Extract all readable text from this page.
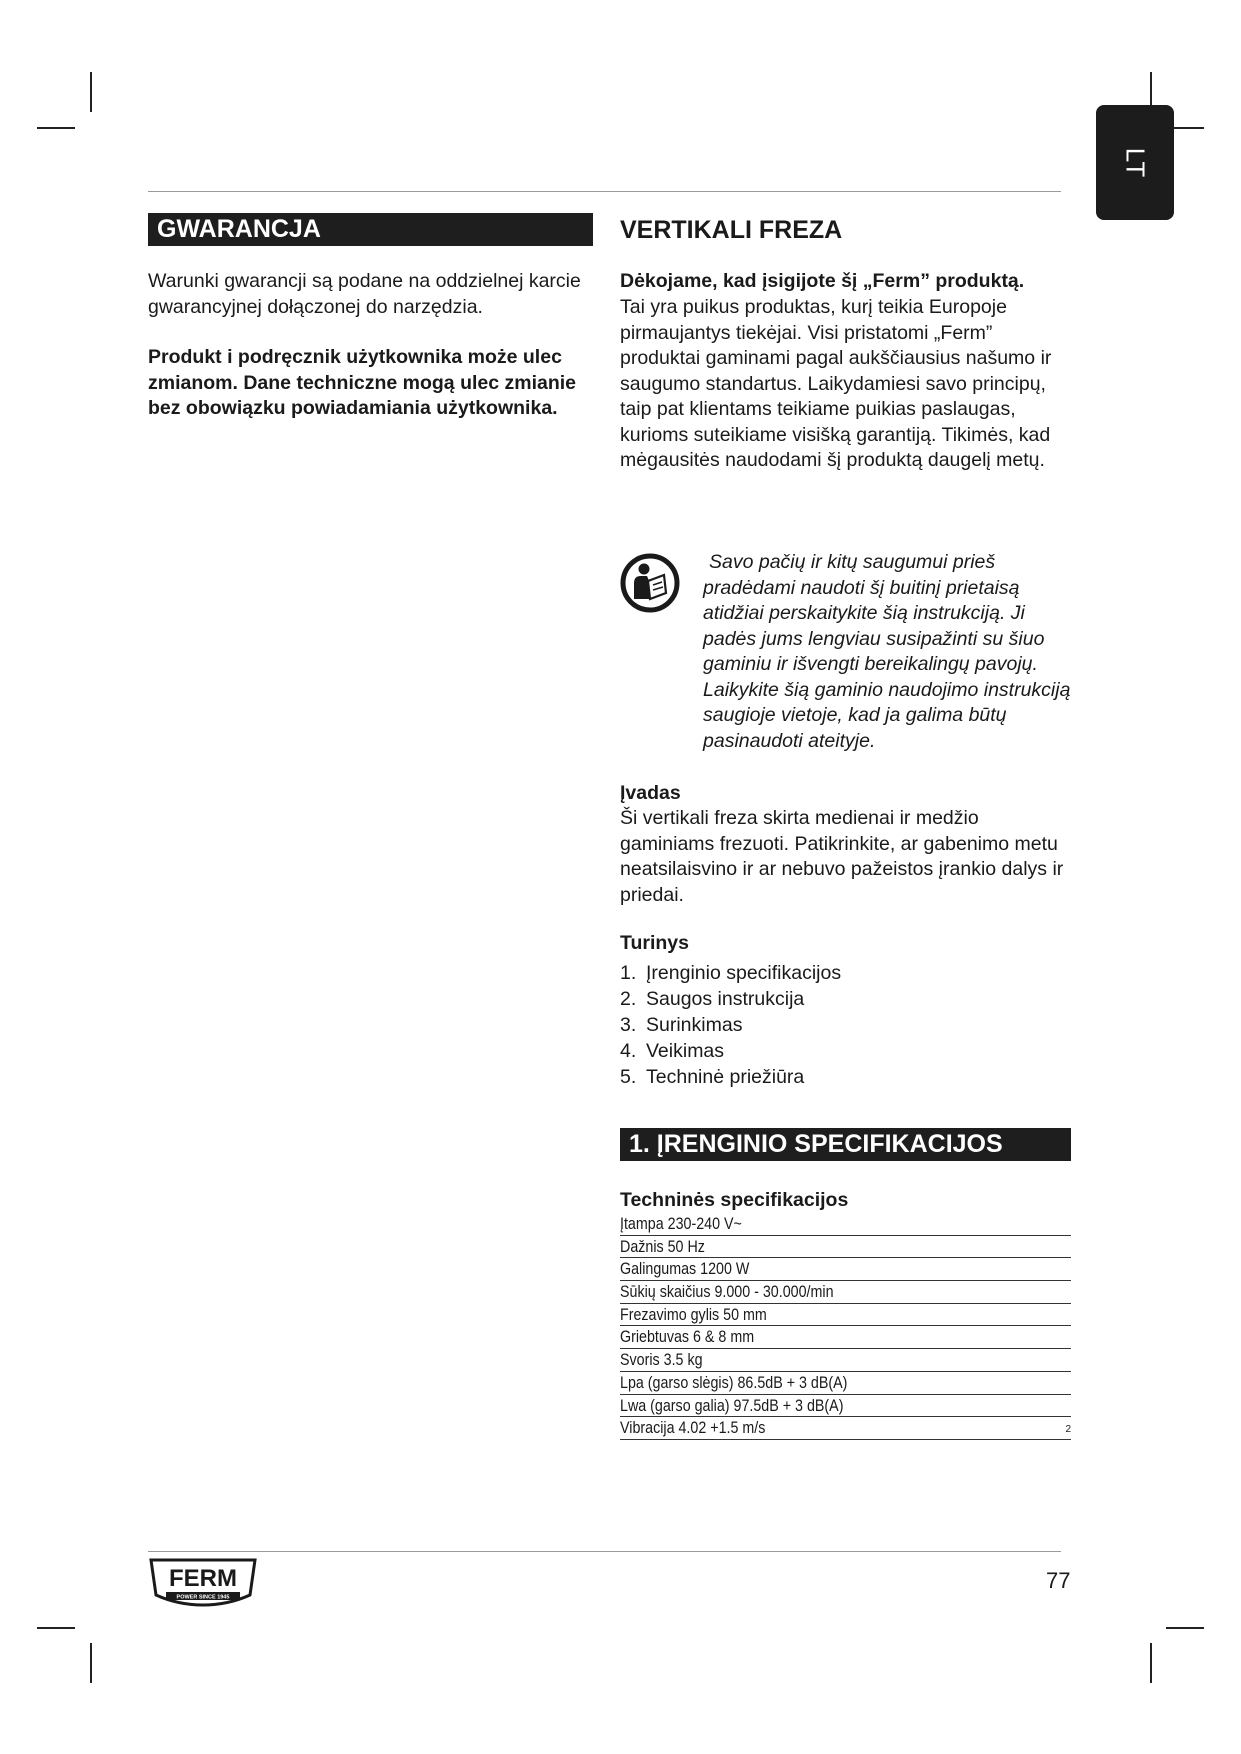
LT
GWARANCJA
Warunki gwarancji są podane na oddzielnej karcie gwarancyjnej dołączonej do narzędzia.
Produkt i podręcznik użytkownika może ulec zmianom. Dane techniczne mogą ulec zmianie bez obowiązku powiadamiania użytkownika.
VERTIKALI FREZA
Dėkojame, kad įsigijote šį „Ferm” produktą.
Tai yra puikus produktas, kurį teikia Europoje pirmaujantys tiekėjai. Visi pristatomi „Ferm” produktai gaminami pagal aukščiausius našumo ir saugumo standartus. Laikydamiesi savo principų, taip pat klientams teikiame puikias paslaugas, kurioms suteikiame visišką garantiją. Tikimės, kad mėgausitės naudodami šį produktą daugelį metų.
Savo pačių ir kitų saugumui prieš pradėdami naudoti šį buitinį prietaisą atidžiai perskaitykite šią instrukciją. Ji padės jums lengviau susipažinti su šiuo gaminiu ir išvengti bereikalingų pavojų. Laikykite šią gaminio naudojimo instrukciją saugioje vietoje, kad ja galima būtų pasinaudoti ateityje.
Įvadas
Ši vertikali freza skirta medienai ir medžio gaminiams frezuoti. Patikrinkite, ar gabenimo metu neatsilaisvino ir ar nebuvo pažeistos įrankio dalys ir priedai.
Turinys
1. Įrenginio specifikacijos
2. Saugos instrukcija
3. Surinkimas
4. Veikimas
5. Techninė priežiūra
1. ĮRENGINIO SPECIFIKACIJOS
Techninės specifikacijos
Įtampa 230-240 V~
Dažnis 50 Hz
Galingumas 1200 W
Sūkių skaičius 9.000 - 30.000/min
Frezavimo gylis 50 mm
Griebtuvas 6 & 8 mm
Svoris 3.5 kg
Lpa (garso slėgis) 86.5dB + 3 dB(A)
Lwa (garso galia) 97.5dB + 3 dB(A)
Vibracija 4.02 +1.5 m/s	2
FERM
POWER SINCE 1945
77
